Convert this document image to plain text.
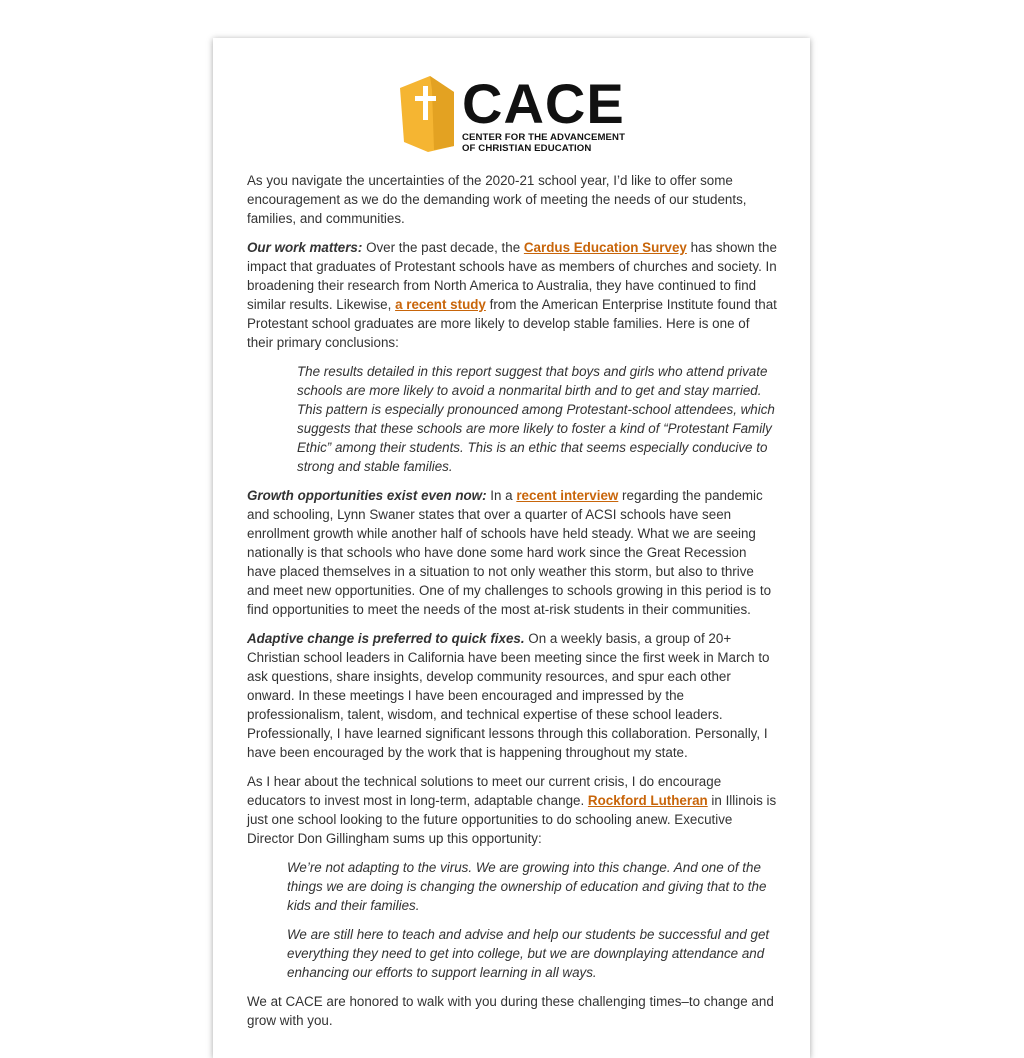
CACE
CENTER FOR THE ADVANCEMENT
OF CHRISTIAN EDUCATION

As you navigate the uncertainties of the 2020-21 school year, I’d like to offer some encouragement as we do the demanding work of meeting the needs of our students, families, and communities.

Our work matters: Over the past decade, the Cardus Education Survey has shown the impact that graduates of Protestant schools have as members of churches and society. In broadening their research from North America to Australia, they have continued to find similar results. Likewise, a recent study from the American Enterprise Institute found that Protestant school graduates are more likely to develop stable families. Here is one of their primary conclusions:

The results detailed in this report suggest that boys and girls who attend private schools are more likely to avoid a nonmarital birth and to get and stay married. This pattern is especially pronounced among Protestant-school attendees, which suggests that these schools are more likely to foster a kind of “Protestant Family Ethic” among their students. This is an ethic that seems especially conducive to strong and stable families.

Growth opportunities exist even now: In a recent interview regarding the pandemic and schooling, Lynn Swaner states that over a quarter of ACSI schools have seen enrollment growth while another half of schools have held steady. What we are seeing nationally is that schools who have done some hard work since the Great Recession have placed themselves in a situation to not only weather this storm, but also to thrive and meet new opportunities. One of my challenges to schools growing in this period is to find opportunities to meet the needs of the most at-risk students in their communities.

Adaptive change is preferred to quick fixes. On a weekly basis, a group of 20+ Christian school leaders in California have been meeting since the first week in March to ask questions, share insights, develop community resources, and spur each other onward. In these meetings I have been encouraged and impressed by the professionalism, talent, wisdom, and technical expertise of these school leaders. Professionally, I have learned significant lessons through this collaboration. Personally, I have been encouraged by the work that is happening throughout my state.

As I hear about the technical solutions to meet our current crisis, I do encourage educators to invest most in long-term, adaptable change. Rockford Lutheran in Illinois is just one school looking to the future opportunities to do schooling anew. Executive Director Don Gillingham sums up this opportunity:

We’re not adapting to the virus. We are growing into this change. And one of the things we are doing is changing the ownership of education and giving that to the kids and their families.

We are still here to teach and advise and help our students be successful and get everything they need to get into college, but we are downplaying attendance and enhancing our efforts to support learning in all ways.

We at CACE are honored to walk with you during these challenging times–to change and grow with you.
